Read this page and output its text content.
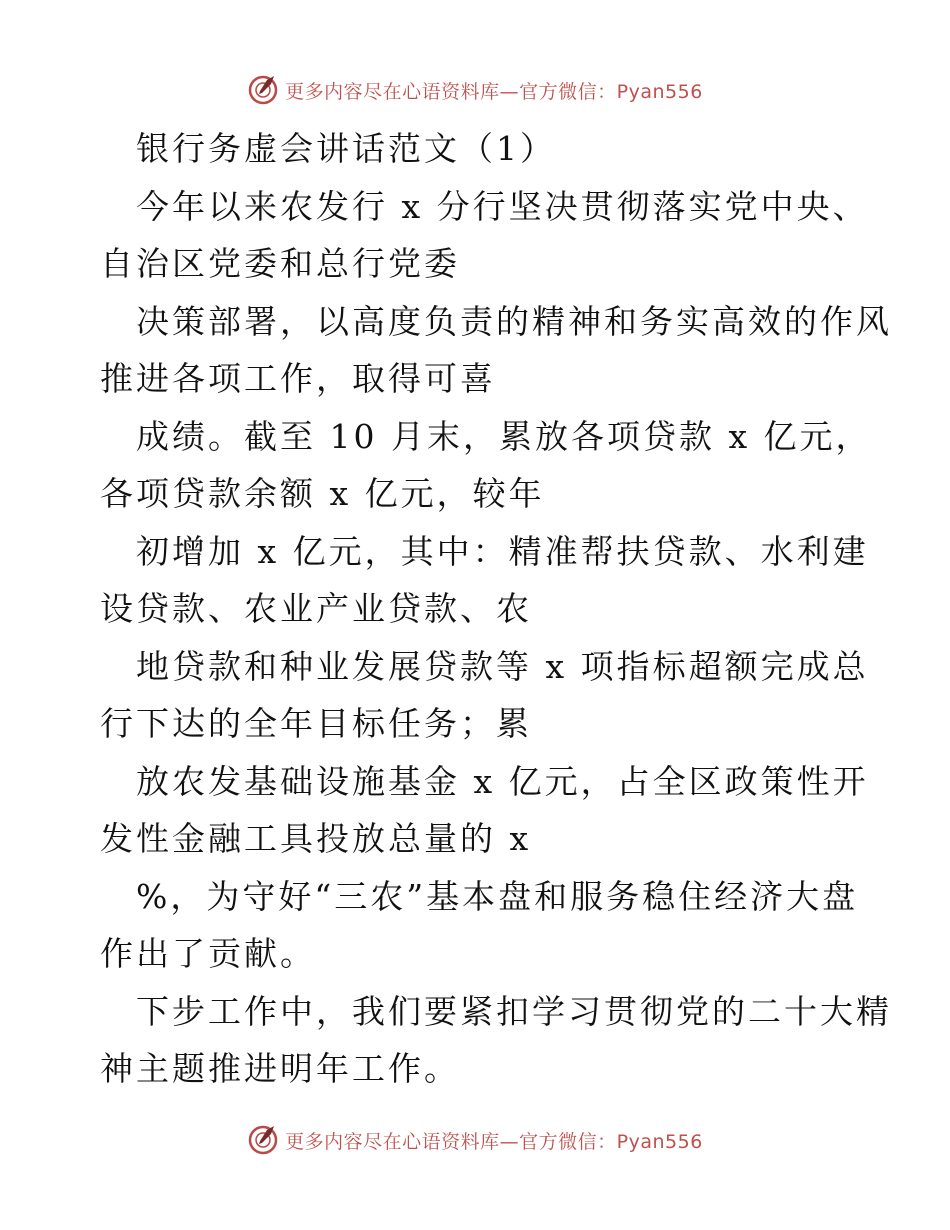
更多内容尽在心语资料库—官方微信：Pyan556
银行务虚会讲话范文（1）
今年以来农发行 x 分行坚决贯彻落实党中央、
自治区党委和总行党委
决策部署，以高度负责的精神和务实高效的作风
推进各项工作，取得可喜
成绩。截至 10 月末，累放各项贷款 x 亿元，
各项贷款余额 x 亿元，较年
初增加 x 亿元，其中：精准帮扶贷款、水利建
设贷款、农业产业贷款、农
地贷款和种业发展贷款等 x 项指标超额完成总
行下达的全年目标任务；累
放农发基础设施基金 x 亿元，占全区政策性开
发性金融工具投放总量的 x
%，为守好“三农”基本盘和服务稳住经济大盘
作出了贡献。
下步工作中，我们要紧扣学习贯彻党的二十大精
神主题推进明年工作。
更多内容尽在心语资料库—官方微信：Pyan556
